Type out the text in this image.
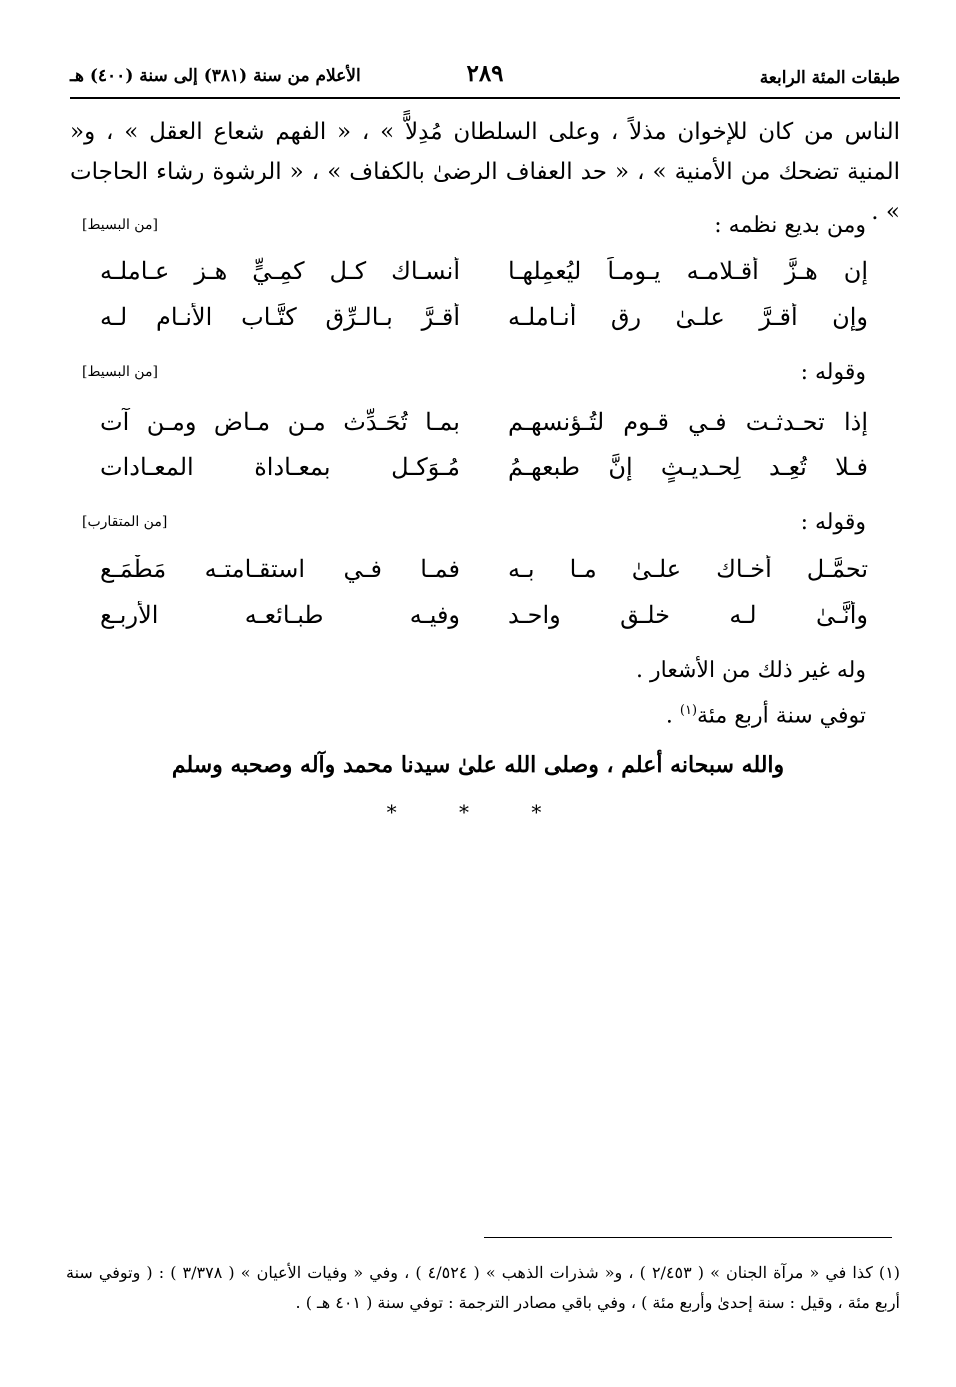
طبقات المئة الرابعة
٢٨٩
الأعلام من سنة (٣٨١) إلى سنة (٤٠٠) هـ
الناس من كان للإخوان مذلاً ، وعلى السلطان مُدِلاًّ » ، « الفهم شعاع العقل » ، و« المنية تضحك من الأمنية » ، « حد العفاف الرضىٰ بالكفاف » ، « الرشوة رشاء الحاجات » .
ومن بديع نظمه :
[من البسيط]
إن هـزَّ أقـلامـه يـومـاً ليُعمِلهـا
أنسـاك كـل كمِـيٍّ هـز عـاملـه
وإن أقـرَّ علـىٰ رق أنـاملـه
أقـرَّ بـالـرِّق كتَّـاب الأنـام لـه
وقوله :
[من البسيط]
إذا تحـدثـت فـي قـوم لتُـؤنسهـم
بمـا تُحَـدِّث مـن مـاض ومـن آت
فـلا تُعِـد لِحـديـثٍ إنَّ طبعهـمُ
مُـوَكـل بمعـاداة المعـادات
وقوله :
[من المتقارب]
تحمَّـل أخـاك علـىٰ مـا بـه
فمـا فـي استقـامتـه مَطْمَـع
وأنَّـىٰ لـه خلـق واحـد
وفيـه طبـائعـه الأربـع
وله غير ذلك من الأشعار .
توفي سنة أربع مئة$^{(١)}$ .
والله سبحانه أعلم ، وصلى الله علىٰ سيدنا محمد وآله وصحبه وسلم
* * *
(١) كذا في « مرآة الجنان » ( ٢/٤٥٣ ) ، و« شذرات الذهب » ( ٤/٥٢٤ ) ، وفي « وفيات الأعيان » ( ٣/٣٧٨ ) : ( وتوفي سنة أربع مئة ، وقيل : سنة إحدىٰ وأربع مئة ) ، وفي باقي مصادر الترجمة : توفي سنة ( ٤٠١ هـ ) .
